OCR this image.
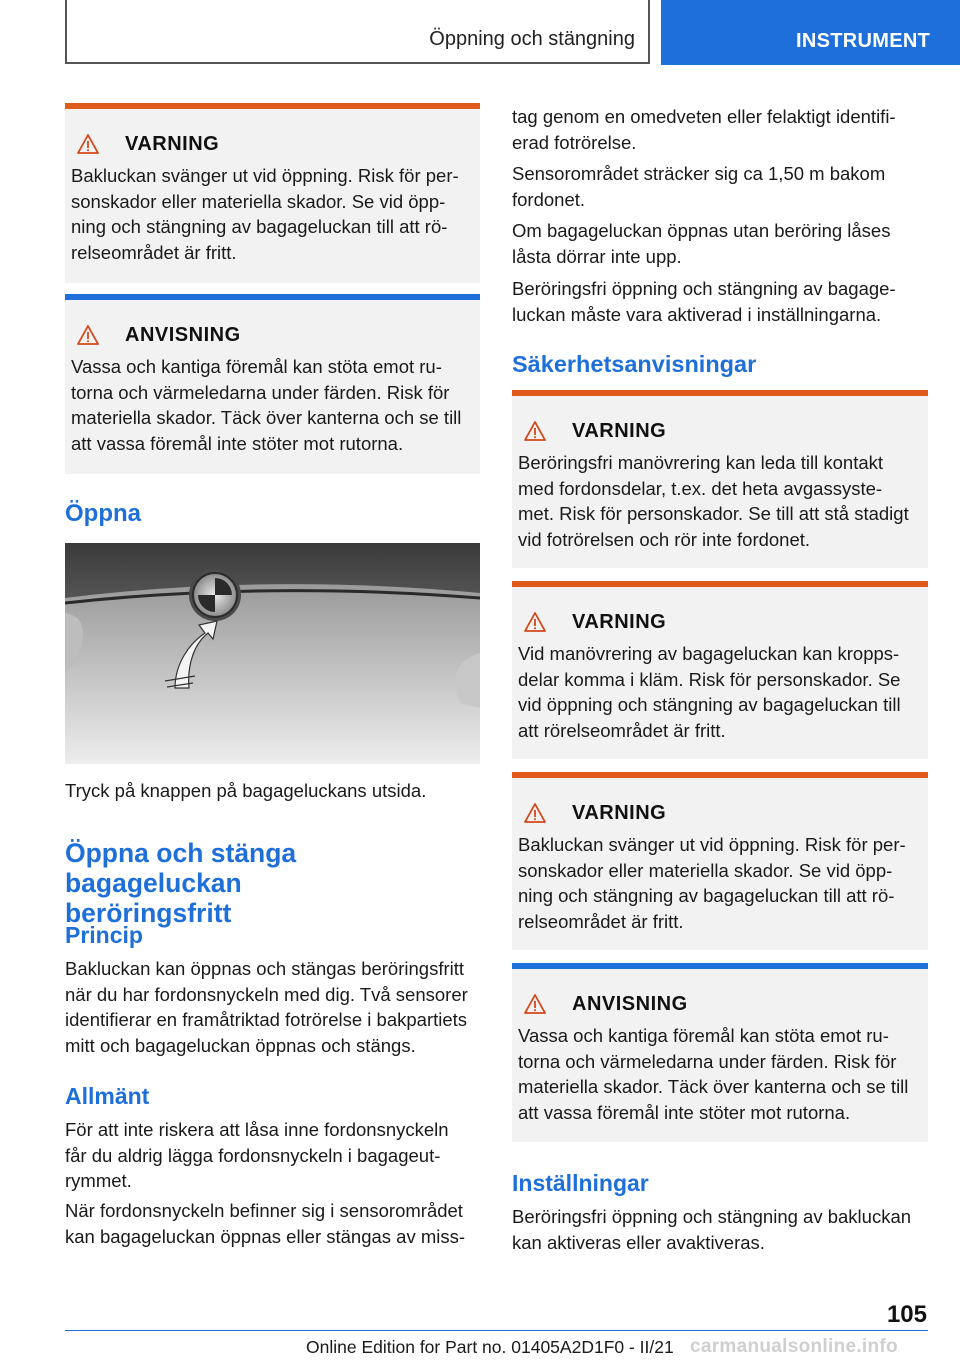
Öppning och stängning	INSTRUMENT
VARNING
Bakluckan svänger ut vid öppning. Risk för per-
sonskador eller materiella skador. Se vid öpp-
ning och stängning av bagageluckan till att rö-
relseområdet är fritt.
ANVISNING
Vassa och kantiga föremål kan stöta emot ru-
torna och värmeledarna under färden. Risk för
materiella skador. Täck över kanterna och se till
att vassa föremål inte stöter mot rutorna.
Öppna
Tryck på knappen på bagageluckans utsida.
Öppna och stänga bagageluckan
beröringsfritt
Princip
Bakluckan kan öppnas och stängas beröringsfritt
när du har fordonsnyckeln med dig. Två sensorer
identifierar en framåtriktad fotrörelse i bakpartiets
mitt och bagageluckan öppnas och stängs.
Allmänt
För att inte riskera att låsa inne fordonsnyckeln
får du aldrig lägga fordonsnyckeln i bagageut-
rymmet.
När fordonsnyckeln befinner sig i sensorområdet
kan bagageluckan öppnas eller stängas av miss-
tag genom en omedveten eller felaktigt identifi-
erad fotrörelse.
Sensorområdet sträcker sig ca 1,50 m bakom
fordonet.
Om bagageluckan öppnas utan beröring låses
låsta dörrar inte upp.
Beröringsfri öppning och stängning av bagage-
luckan måste vara aktiverad i inställningarna.
Säkerhetsanvisningar
VARNING
Beröringsfri manövrering kan leda till kontakt
med fordonsdelar, t.ex. det heta avgassyste-
met. Risk för personskador. Se till att stå stadigt
vid fotrörelsen och rör inte fordonet.
VARNING
Vid manövrering av bagageluckan kan kropps-
delar komma i kläm. Risk för personskador. Se
vid öppning och stängning av bagageluckan till
att rörelseområdet är fritt.
VARNING
Bakluckan svänger ut vid öppning. Risk för per-
sonskador eller materiella skador. Se vid öpp-
ning och stängning av bagageluckan till att rö-
relseområdet är fritt.
ANVISNING
Vassa och kantiga föremål kan stöta emot ru-
torna och värmeledarna under färden. Risk för
materiella skador. Täck över kanterna och se till
att vassa föremål inte stöter mot rutorna.
Inställningar
Beröringsfri öppning och stängning av bakluckan
kan aktiveras eller avaktiveras.
105
Online Edition for Part no. 01405A2D1F0 - II/21 carmanualsonline.info
